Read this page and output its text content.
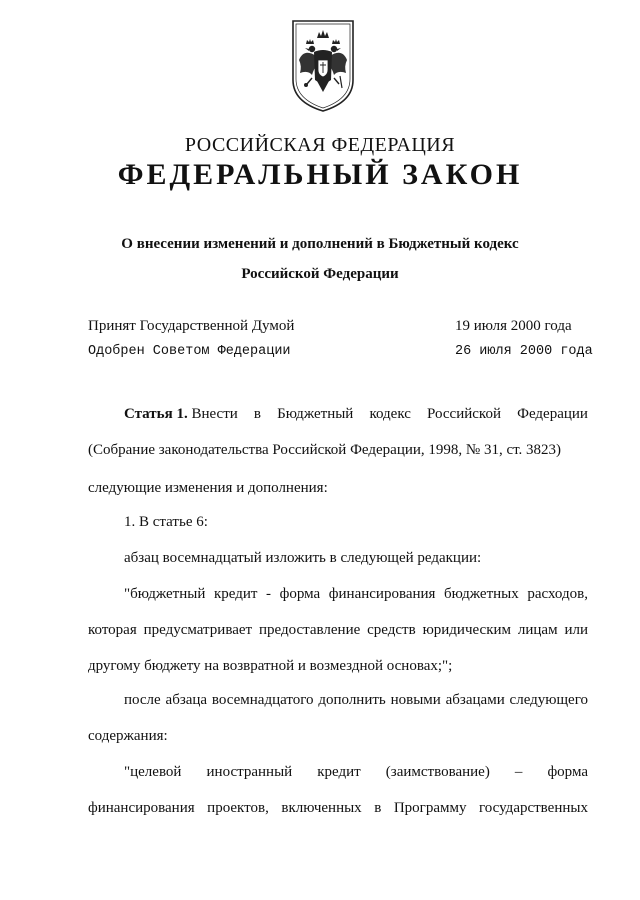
РОССИЙСКАЯ ФЕДЕРАЦИЯ
ФЕДЕРАЛЬНЫЙ ЗАКОН
О внесении изменений и дополнений в Бюджетный кодекс
Российской Федерации
Принят Государственной Думой	19 июля 2000 года
Одобрен Советом Федерации	26 июля 2000 года
Статья 1. Внести в Бюджетный кодекс Российской Федерации
(Собрание законодательства Российской Федерации, 1998, № 31, ст. 3823)
следующие изменения и дополнения:
1. В статье 6:
абзац восемнадцатый изложить в следующей редакции:
"бюджетный кредит - форма финансирования бюджетных расходов,
которая предусматривает предоставление средств юридическим лицам или
другому бюджету на возвратной и возмездной основах;";
после абзаца восемнадцатого дополнить новыми абзацами следующего
содержания:
"целевой иностранный кредит (заимствование) – форма
финансирования проектов, включенных в Программу государственных
